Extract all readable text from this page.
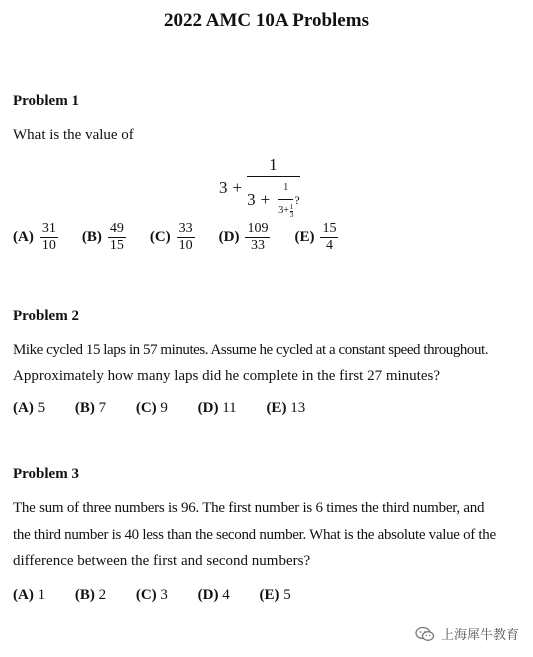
2022 AMC 10A Problems
Problem 1
What is the value of
3 +
1
3 +
1
3 + 1
3
?
$(A) \frac{31}{10} (B) \frac{49}{15} (C) \frac{33}{10} (D) \frac{109}{33} (E) \frac{15}{4}$
Problem 2
Mike cycled 15 laps in 57 minutes. Assume he cycled at a constant speed throughout.
Approximately how many laps did he complete in the first 27 minutes?
(A) 5 (B) 7 (C) 9 (D) 11 (E) 13
Problem 3
The sum of three numbers is 96. The first number is 6 times the third number, and
the third number is 40 less than the second number. What is the absolute value of the
difference between the first and second numbers?
(A) 1 (B) 2 (C) 3 (D) 4 (E) 5
上海犀牛教育
